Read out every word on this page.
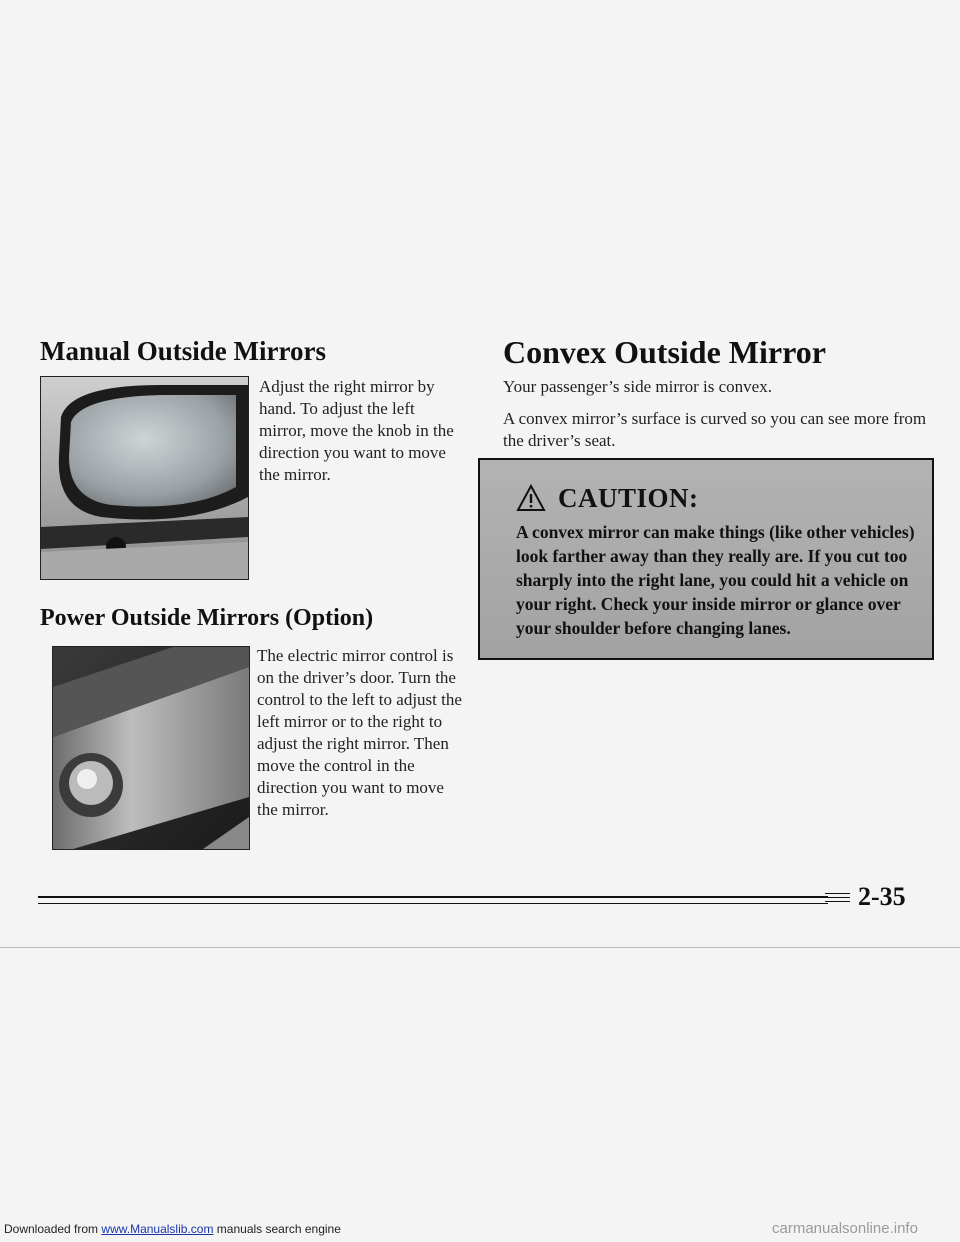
Manual Outside Mirrors
Adjust the right mirror by hand. To adjust the left mirror, move the knob in the direction you want to move the mirror.
Power Outside Mirrors (Option)
The electric mirror control is on the driver’s door. Turn the control to the left to adjust the left mirror or to the right to adjust the right mirror. Then move the control in the direction you want to move the mirror.
Convex Outside Mirror
Your passenger’s side mirror is convex.
A convex mirror’s surface is curved so you can see more from the driver’s seat.
CAUTION:
A convex mirror can make things (like other vehicles) look farther away than they really are. If you cut too sharply into the right lane, you could hit a vehicle on your right. Check your inside mirror or glance over your shoulder before changing lanes.
2-35
Downloaded from www.Manualslib.com manuals search engine	carmanualsonline.info
